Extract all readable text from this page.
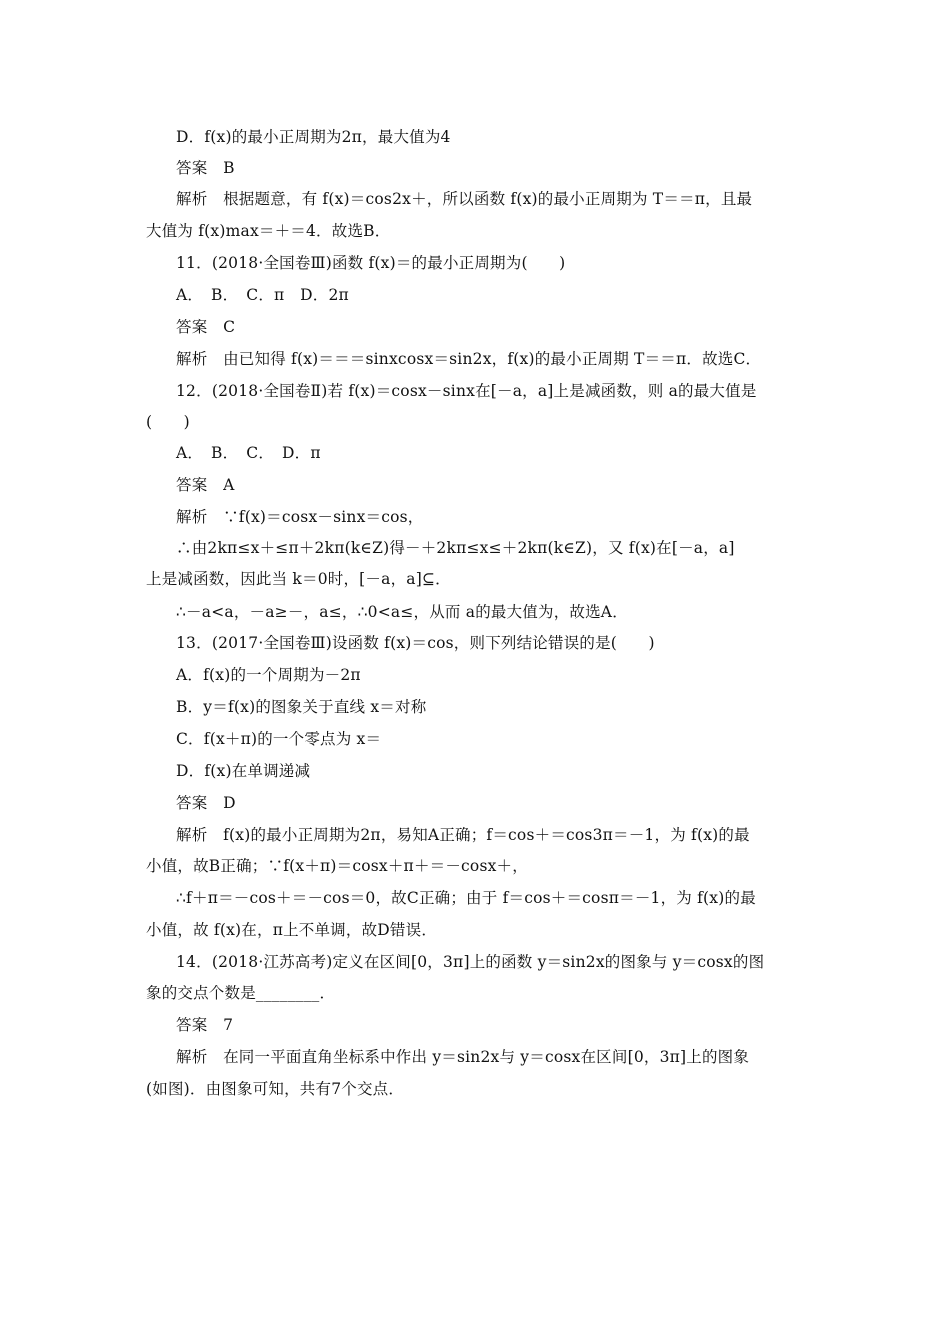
D．f(x)的最小正周期为2π，最大值为4
答案　B
解析　根据题意，有 f(x)＝cos2x＋，所以函数 f(x)的最小正周期为 T＝＝π，且最
大值为 f(x)max＝＋＝4．故选B．
11．(2018·全国卷Ⅲ)函数 f(x)＝的最小正周期为(　　)
A．　B．　C．π　D．2π
答案　C
解析　由已知得 f(x)＝＝＝sinxcosx＝sin2x，f(x)的最小正周期 T＝＝π．故选C．
12．(2018·全国卷Ⅱ)若 f(x)＝cosx－sinx在[－a，a]上是减函数，则 a的最大值是
(　　)
A．　B．　C．　D．π
答案　A
解析　∵f(x)＝cosx－sinx＝cos，
∴由2kπ≤x＋≤π＋2kπ(k∈Z)得－＋2kπ≤x≤＋2kπ(k∈Z)，又 f(x)在[－a，a]
上是减函数，因此当 k＝0时，[－a，a]⊆．
∴－a<a，－a≥－，a≤，∴0<a≤，从而 a的最大值为，故选A．
13．(2017·全国卷Ⅲ)设函数 f(x)＝cos，则下列结论错误的是(　　)
A．f(x)的一个周期为－2π
B．y＝f(x)的图象关于直线 x＝对称
C．f(x＋π)的一个零点为 x＝
D．f(x)在单调递减
答案　D
解析　f(x)的最小正周期为2π，易知A正确；f＝cos＋＝cos3π＝－1，为 f(x)的最
小值，故B正确；∵f(x＋π)＝cosx＋π＋＝－cosx＋，
∴f＋π＝－cos＋＝－cos＝0，故C正确；由于 f＝cos＋＝cosπ＝－1，为 f(x)的最
小值，故 f(x)在，π上不单调，故D错误．
14．(2018·江苏高考)定义在区间[0，3π]上的函数 y＝sin2x的图象与 y＝cosx的图
象的交点个数是________．
答案　7
解析　在同一平面直角坐标系中作出 y＝sin2x与 y＝cosx在区间[0，3π]上的图象
(如图)．由图象可知，共有7个交点．
